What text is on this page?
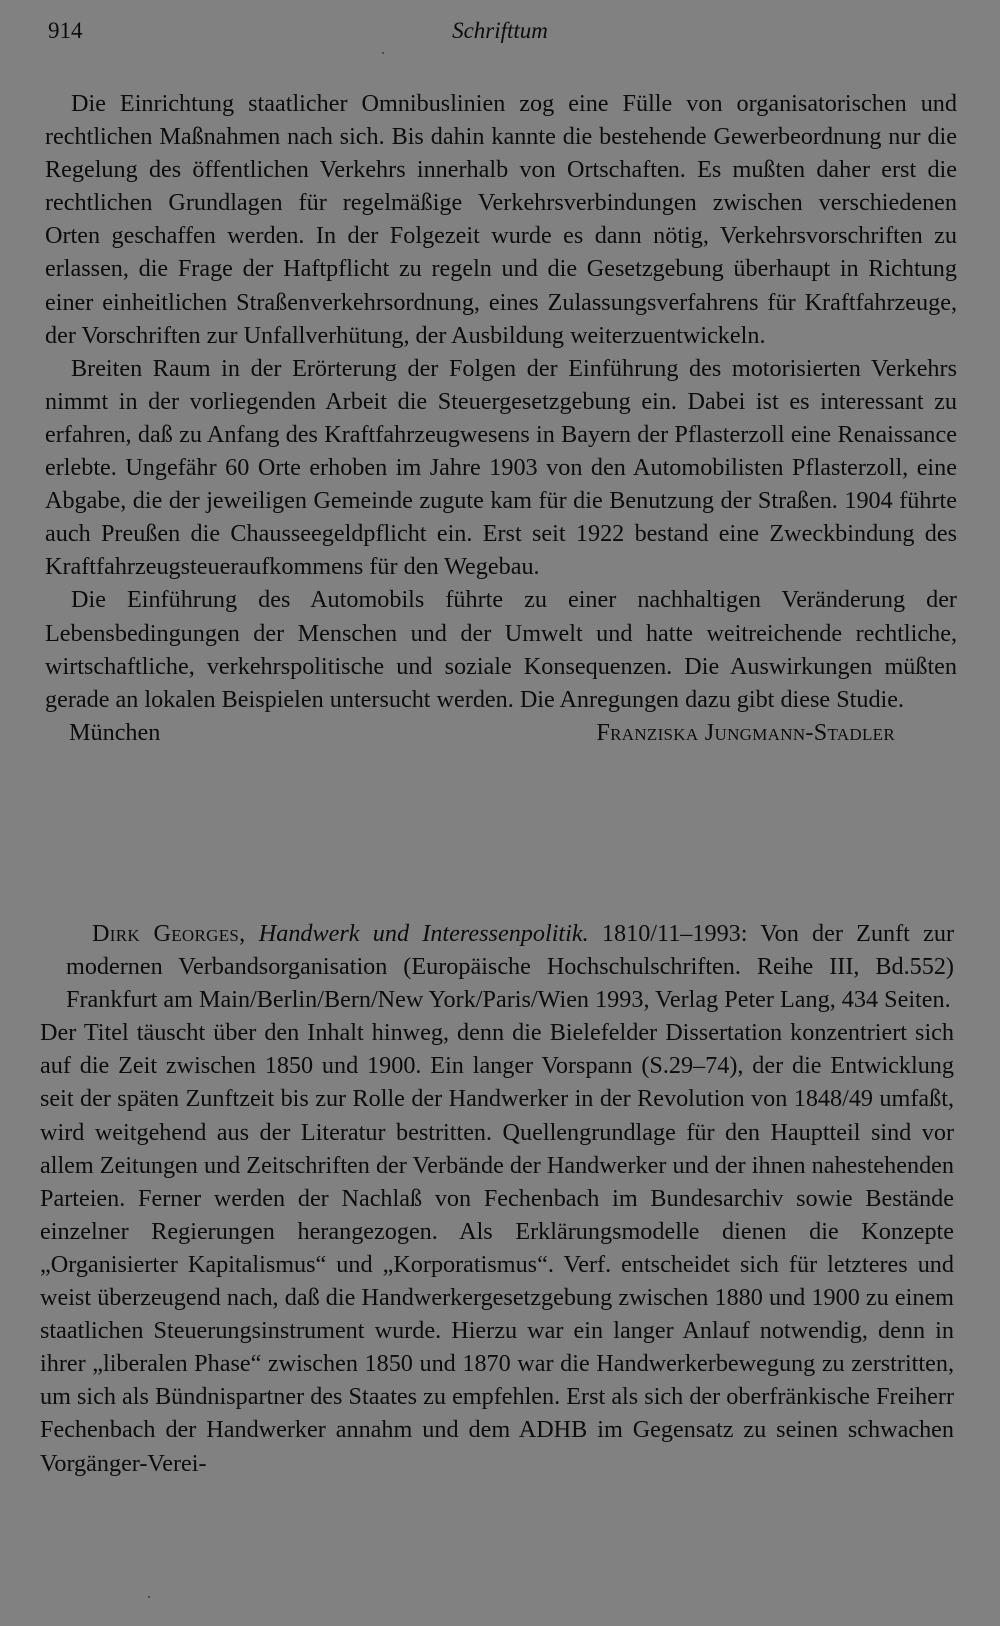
914	Schrifttum

Die Einrichtung staatlicher Omnibuslinien zog eine Fülle von organisatorischen und rechtlichen Maßnahmen nach sich. Bis dahin kannte die bestehende Gewerbeordnung nur die Regelung des öffentlichen Verkehrs innerhalb von Ortschaften. Es mußten daher erst die rechtlichen Grundlagen für regelmäßige Verkehrsverbindungen zwischen verschiedenen Orten geschaffen werden. In der Folgezeit wurde es dann nötig, Verkehrsvorschriften zu erlassen, die Frage der Haftpflicht zu regeln und die Gesetzgebung überhaupt in Richtung einer einheitlichen Straßenverkehrsordnung, eines Zulassungsverfahrens für Kraftfahrzeuge, der Vorschriften zur Unfallverhütung, der Ausbildung weiterzuentwickeln.

Breiten Raum in der Erörterung der Folgen der Einführung des motorisierten Verkehrs nimmt in der vorliegenden Arbeit die Steuergesetzgebung ein. Dabei ist es interessant zu erfahren, daß zu Anfang des Kraftfahrzeugwesens in Bayern der Pflasterzoll eine Renaissance erlebte. Ungefähr 60 Orte erhoben im Jahre 1903 von den Automobilisten Pflasterzoll, eine Abgabe, die der jeweiligen Gemeinde zugute kam für die Benutzung der Straßen. 1904 führte auch Preußen die Chausseegeldpflicht ein. Erst seit 1922 bestand eine Zweckbindung des Kraftfahrzeugsteueraufkommens für den Wegebau.

Die Einführung des Automobils führte zu einer nachhaltigen Veränderung der Lebensbedingungen der Menschen und der Umwelt und hatte weitreichende rechtliche, wirtschaftliche, verkehrspolitische und soziale Konsequenzen. Die Auswirkungen müßten gerade an lokalen Beispielen untersucht werden. Die Anregungen dazu gibt diese Studie.

München	Franziska Jungmann-Stadler

Dirk Georges, Handwerk und Interessenpolitik. 1810/11–1993: Von der Zunft zur modernen Verbandsorganisation (Europäische Hochschulschriften. Reihe III, Bd.552) Frankfurt am Main/Berlin/Bern/New York/Paris/Wien 1993, Verlag Peter Lang, 434 Seiten.

Der Titel täuscht über den Inhalt hinweg, denn die Bielefelder Dissertation konzentriert sich auf die Zeit zwischen 1850 und 1900. Ein langer Vorspann (S.29–74), der die Entwicklung seit der späten Zunftzeit bis zur Rolle der Handwerker in der Revolution von 1848/49 umfaßt, wird weitgehend aus der Literatur bestritten. Quellengrundlage für den Hauptteil sind vor allem Zeitungen und Zeitschriften der Verbände der Handwerker und der ihnen nahestehenden Parteien. Ferner werden der Nachlaß von Fechenbach im Bundesarchiv sowie Bestände einzelner Regierungen herangezogen. Als Erklärungsmodelle dienen die Konzepte „Organisierter Kapitalismus“ und „Korporatismus“. Verf. entscheidet sich für letzteres und weist überzeugend nach, daß die Handwerkergesetzgebung zwischen 1880 und 1900 zu einem staatlichen Steuerungsinstrument wurde. Hierzu war ein langer Anlauf notwendig, denn in ihrer „liberalen Phase“ zwischen 1850 und 1870 war die Handwerkerbewegung zu zerstritten, um sich als Bündnispartner des Staates zu empfehlen. Erst als sich der oberfränkische Freiherr Fechenbach der Handwerker annahm und dem ADHB im Gegensatz zu seinen schwachen Vorgänger-Verei-
